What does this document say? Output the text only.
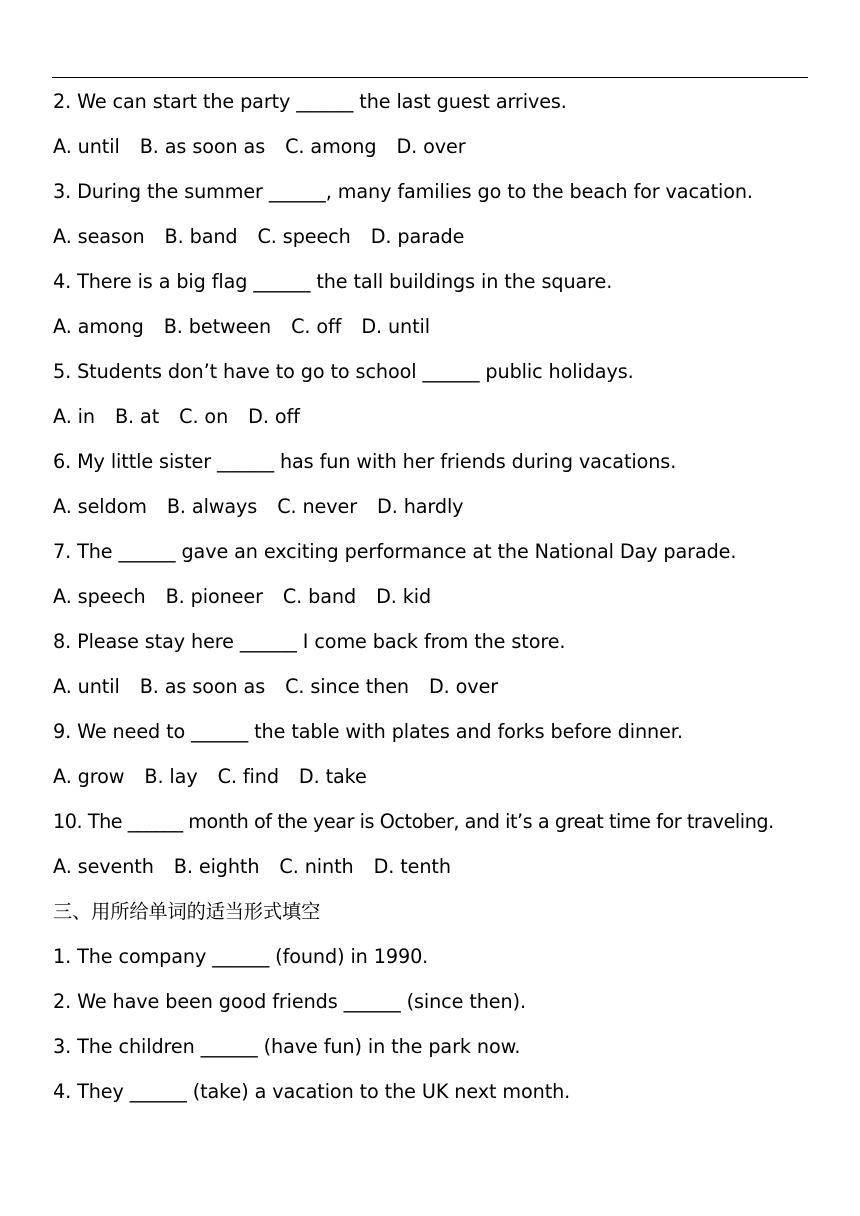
2. We can start the party ______ the last guest arrives.
A. until B. as soon as C. among D. over
3. During the summer ______, many families go to the beach for vacation.
A. season B. band C. speech D. parade
4. There is a big flag ______ the tall buildings in the square.
A. among B. between C. off D. until
5. Students don’t have to go to school ______ public holidays.
A. in B. at C. on D. off
6. My little sister ______ has fun with her friends during vacations.
A. seldom B. always C. never D. hardly
7. The ______ gave an exciting performance at the National Day parade.
A. speech B. pioneer C. band D. kid
8. Please stay here ______ I come back from the store.
A. until B. as soon as C. since then D. over
9. We need to ______ the table with plates and forks before dinner.
A. grow B. lay C. find D. take
10. The ______ month of the year is October, and it’s a great time for traveling.
A. seventh B. eighth C. ninth D. tenth
三、用所给单词的适当形式填空
1. The company ______ (found) in 1990.
2. We have been good friends ______ (since then).
3. The children ______ (have fun) in the park now.
4. They ______ (take) a vacation to the UK next month.
